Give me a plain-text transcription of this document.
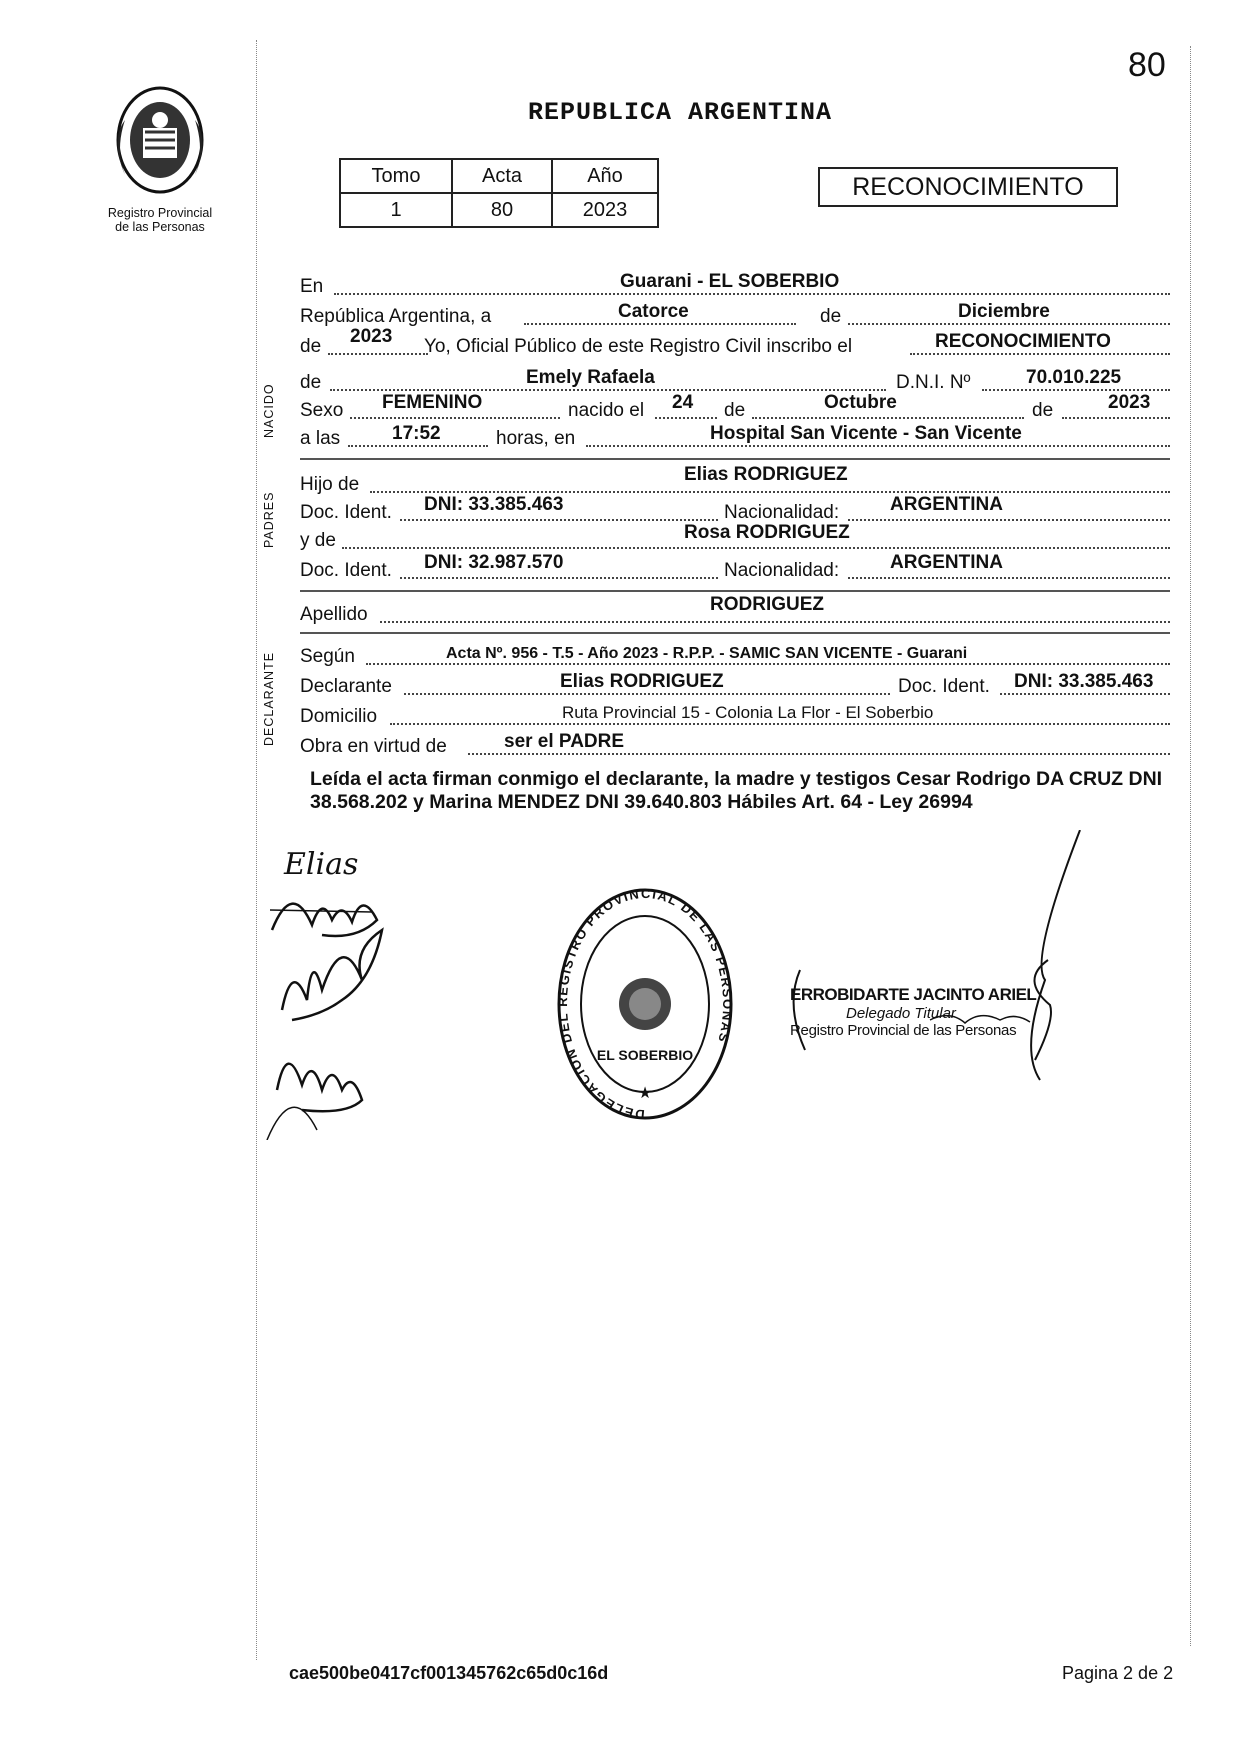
80
REPUBLICA ARGENTINA
Registro Provincial
de las Personas
Tomo	Acta	Año
1	80	2023
RECONOCIMIENTO
NACIDO
PADRES
DECLARANTE
En	Guarani - EL SOBERBIO
República Argentina, a	Catorce	de	Diciembre
de 2023 Yo, Oficial Público de este Registro Civil inscribo el	RECONOCIMIENTO
de	Emely Rafaela	D.N.I. Nº	70.010.225
Sexo FEMENINO	nacido el 24 de	Octubre	de	2023
a las	17:52	horas, en	Hospital San Vicente - San Vicente
Hijo de	Elias RODRIGUEZ
Doc. Ident. DNI: 33.385.463	Nacionalidad:	ARGENTINA
y de	Rosa RODRIGUEZ
Doc. Ident. DNI: 32.987.570	Nacionalidad:	ARGENTINA
Apellido	RODRIGUEZ
Según	Acta Nº. 956 - T.5 - Año 2023 - R.P.P. - SAMIC SAN VICENTE - Guarani
Declarante	Elias RODRIGUEZ	Doc. Ident. DNI: 33.385.463
Domicilio	Ruta Provincial 15 - Colonia La Flor - El Soberbio
Obra en virtud de	ser el PADRE
Leída el acta firman conmigo el declarante, la madre y testigos Cesar Rodrigo DA CRUZ DNI 38.568.202 y Marina MENDEZ DNI 39.640.803 Hábiles Art. 64 - Ley 26994
Elias
DELEGACION DEL REGISTRO PROVINCIAL DE LAS PERSONAS
EL SOBERBIO
★
ERROBIDARTE JACINTO ARIEL
Delegado Titular
Registro Provincial de las Personas
cae500be0417cf001345762c65d0c16d	Pagina 2 de 2
